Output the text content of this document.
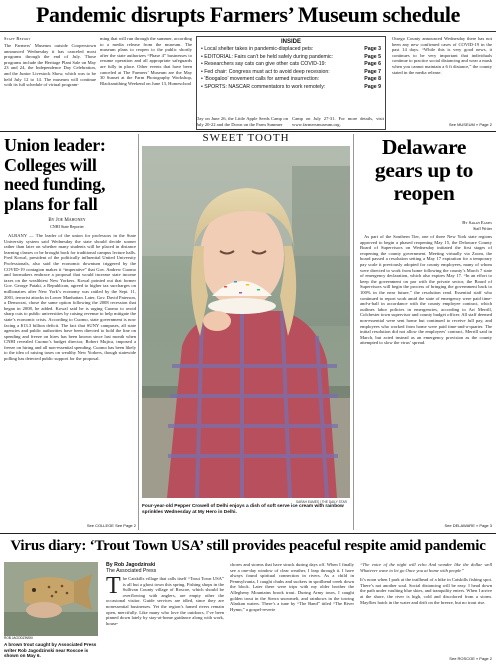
Pandemic disrupts Farmers’ Museum schedule
Staff Report
The Farmers’ Museum outside Cooperstown announced Wednesday it has canceled most programs through the end of July. Those programs include the Heritage Plant Sale on May 23 and 24, the Independence Day Celebration, and the Junior Livestock Show, which was to be held July 12 to 14. The museum will continue with its full schedule of virtual program-
ming that will run through the summer, according to a media release from the museum. The museum plans to reopen to the public shortly after the state authorizes “Phase 4” businesses to resume operation and all appropriate safeguards are fully in place. Other events that have been canceled at The Farmers’ Museum are the May 30 Sunset at the Farm Photography Workshop, Blacksmithing Weekend on June 13, Homeschool
INSIDE
• Local shelter takes in pandemic-displaced pets:	Page 3
• EDITORIAL: Fairs can’t be held safely during pandemic:	Page 5
• Researchers say cats can give other cats COVID-19:	Page 6
• Fed chair: Congress must act to avoid deep recession:	Page 7
• ‘Boogaloo’ movement calls for armed insurrection:	Page 8
• SPORTS: NASCAR commentators to work remotely:	Page 9
Day on June 26, the Little Apple Seeds Camp on July 20-22 and the Down on the Farm Summer
Camp on July 27-31. For more details, visit www.farmersmuseum.org.
Otsego County announced Wednesday there has not been any new confirmed cases of COVID-19 in the past 14 days. “While this is very good news, it continues to be very important that individuals continue to practice social distancing and wear a mask when you cannot maintain a 6 ft distance,” the county stated in the media release.
See MUSEUM » Page 2
Union leader: Colleges will need funding, plans for fall
By Joe Mahoney
CNHI State Reporter
ALBANY — The leader of the union for professors in the State University system said Wednesday the state should decide sooner rather than later on whether many students will be placed in distance learning classes or be brought back for traditional campus lecture halls. Fred Kowal, president of the politically influential United University Professionals, also said the economic downturn triggered by the COVID-19 contagion makes it “imperative” that Gov. Andrew Cuomo and lawmakers embrace a proposal that would increase state income taxes on the wealthiest New Yorkers. Kowal pointed out that former Gov. George Pataki, a Republican, agreed to higher tax surcharges on millionaires after New York’s economy was rattled by the Sept. 11, 2001, terrorist attacks in Lower Manhattan. Later, Gov. David Paterson, a Democrat, chose the same option following the 2008 recession that began in 2008, he added. Kowal said he is urging Cuomo to avoid sharp cuts to public universities by raising revenue to help mitigate the state’s economic crisis. According to Cuomo, state government is now facing a $13.3 billion deficit. The fact that SUNY campuses, all state agencies and public authorities have been directed to hold the line on spending and freeze on hires has been known since last month when CNHI revealed Cuomo’s budget director, Robert Mujica, imposed a freeze on hiring and all non-essential spending. Cuomo has been likely to the idea of raising taxes on wealthy New Yorkers, though statewide polling has detected public support for the proposal.
See COLLEGE See Page 2
SWEET TOOTH
SARAH EAMES | THE DAILY STAR
Four-year-old Pepper Crowell of Delhi enjoys a dish of soft serve ice cream with rainbow sprinkles Wednesday at My Hero in Delhi.
Delaware gears up to reopen
By Sarah Eames
Staff Writer
As part of the Southern Tier, one of three New York state regions approved to begin a phased reopening May 15, the Delaware County Board of Supervisors on Wednesday initiated the first stages of reopening the county government. Meeting virtually via Zoom, the board passed a resolution setting a May 17 expiration for a temporary pay scale it previously adopted for county employees, many of whom were directed to work from home following the county’s March 7 state of emergency declaration, which also expires May 17. “In an effort to keep the government on par with the private sector, the Board of Supervisors will begin the process of bringing the government back to 100% in the near future,” the resolution read. Essential staff who continued to report work amid the state of emergency were paid time-and-a-half in accordance with the county employee contract, which outlines labor policies in emergencies, according to Art Merrill, Colchester town supervisor and county budget officer. All staff deemed non-essential were sent home but continued to receive full pay, and employees who worked from home were paid time-and-a-quarter. The initial resolution did not allow the employees’ contract, Merrill said in March, but acted instead as an emergency provision as the county attempted to slow the virus’ spread.
See DELAWARE » Page 3
Virus diary: ‘Trout Town USA’ still provides peaceful respite amid pandemic
ROB JAGODZINSKI
A brown trout caught by Associated Press writer Rob Jagodzinski near Roscoe is shown on May 6.
By Rob Jagodzinski
The Associated Press
The Catskills village that calls itself “Trout Town USA” is all but a ghost town this spring. Fishing shops in the Sullivan County village of Roscoe, which should be overflowing with anglers, are empty other the occasional visitor. Guide services are idled, since they are nonessential businesses. Yet the region’s famed rivers remain open, mercifully. Like many who love the outdoors, I’ve been pinned down lately by stay-at-home guidance along with work, house-
chores and storms that have struck during days off. When I finally see a one-day window of clear weather, I leap through it. I have always found spiritual connection in rivers. As a child in Pennsylvania, I caught chubs and suckers in spoilbend creek down the block. Later there were trips with my older brother the Allegheny Mountains brook trout. During Army tours, I caught golden trout in the Sierra snowmelt, and rainbows in the towing Alaskan waters. There’s a tune by “The Band” titled “The River Hymn,” a gospel-reverie
“The voice of the night will echo And wonder like the dollar well Whatever wave to let go Once you at home with people”
It’s noon when I park at the trailhead of a hike in Catskills fishing spot. There’s not another soul. Social distancing will be easy. I head down the path under vaulting blue skies, and tranquility enters. When I arrive at the shore, the river is high, cold and discolored from a storm. Mayflies hatch in the water and drift on the breeze, but no trout rise.
See ROSCOE » Page 2
